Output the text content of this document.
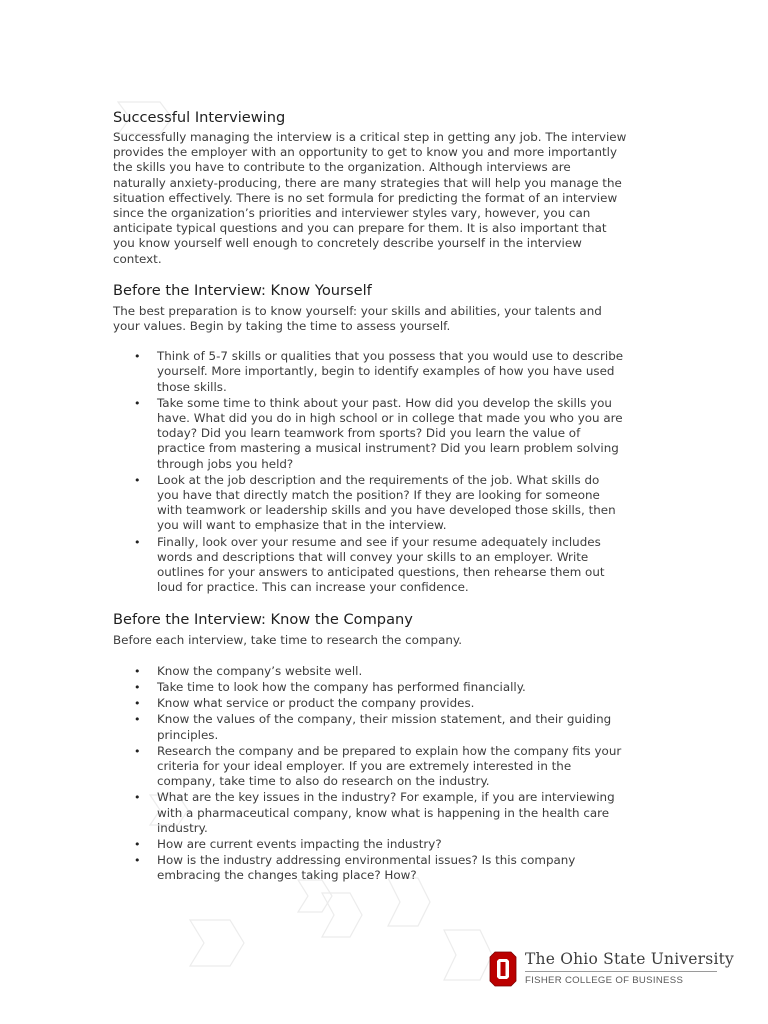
Successful Interviewing

Successfully managing the interview is a critical step in getting any job. The interview
provides the employer with an opportunity to get to know you and more importantly
the skills you have to contribute to the organization. Although interviews are
naturally anxiety-producing, there are many strategies that will help you manage the
situation effectively. There is no set formula for predicting the format of an interview
since the organization’s priorities and interviewer styles vary, however, you can
anticipate typical questions and you can prepare for them. It is also important that
you know yourself well enough to concretely describe yourself in the interview
context.

Before the Interview: Know Yourself

The best preparation is to know yourself: your skills and abilities, your talents and
your values. Begin by taking the time to assess yourself.

• Think of 5-7 skills or qualities that you possess that you would use to describe
yourself. More importantly, begin to identify examples of how you have used
those skills.
• Take some time to think about your past. How did you develop the skills you
have. What did you do in high school or in college that made you who you are
today? Did you learn teamwork from sports? Did you learn the value of
practice from mastering a musical instrument? Did you learn problem solving
through jobs you held?
• Look at the job description and the requirements of the job. What skills do
you have that directly match the position? If they are looking for someone
with teamwork or leadership skills and you have developed those skills, then
you will want to emphasize that in the interview.
• Finally, look over your resume and see if your resume adequately includes
words and descriptions that will convey your skills to an employer. Write
outlines for your answers to anticipated questions, then rehearse them out
loud for practice. This can increase your confidence.
Before the Interview: Know the Company

Before each interview, take time to research the company.

• Know the company’s website well.
• Take time to look how the company has performed financially.
• Know what service or product the company provides.
• Know the values of the company, their mission statement, and their guiding
principles.
• Research the company and be prepared to explain how the company fits your
criteria for your ideal employer. If you are extremely interested in the
company, take time to also do research on the industry.
• What are the key issues in the industry? For example, if you are interviewing
with a pharmaceutical company, know what is happening in the health care
industry.
• How are current events impacting the industry?
• How is the industry addressing environmental issues? Is this company
embracing the changes taking place? How?
The Ohio State University
FISHER COLLEGE OF BUSINESS
